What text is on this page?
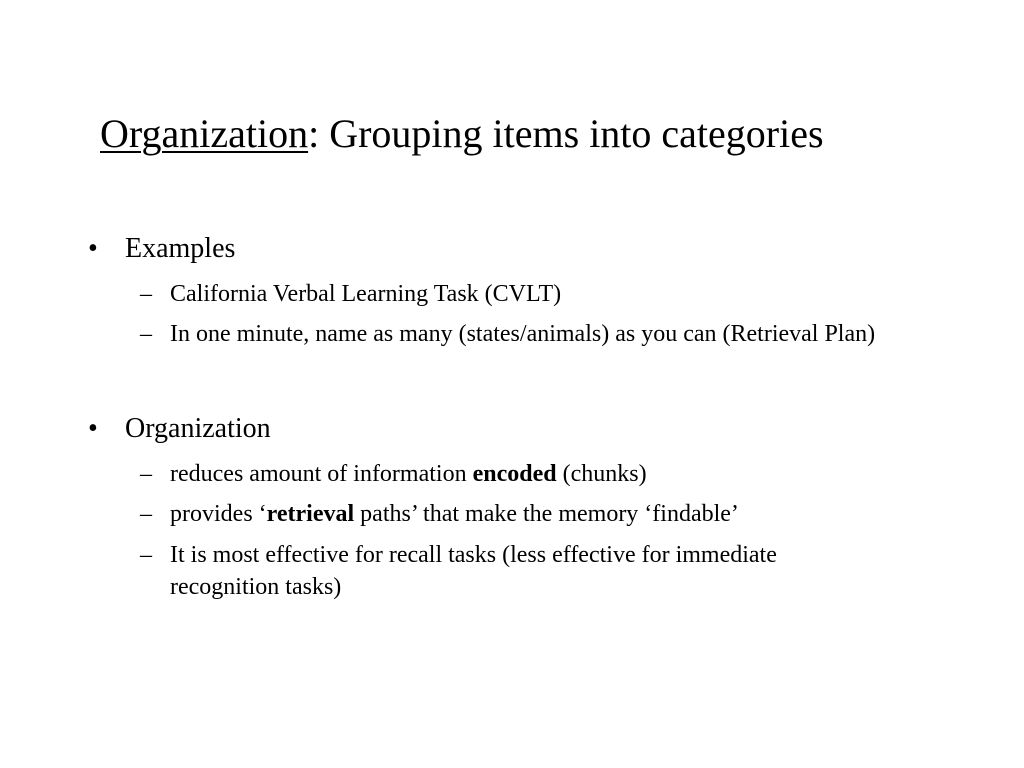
Organization: Grouping items into categories
• Examples
– California Verbal Learning Task (CVLT)
– In one minute, name as many (states/animals) as you can (Retrieval Plan)
• Organization
– reduces amount of information encoded (chunks)
– provides ‘retrieval paths’ that make the memory ‘findable’
– It is most effective for recall tasks (less effective for immediate
recognition tasks)
